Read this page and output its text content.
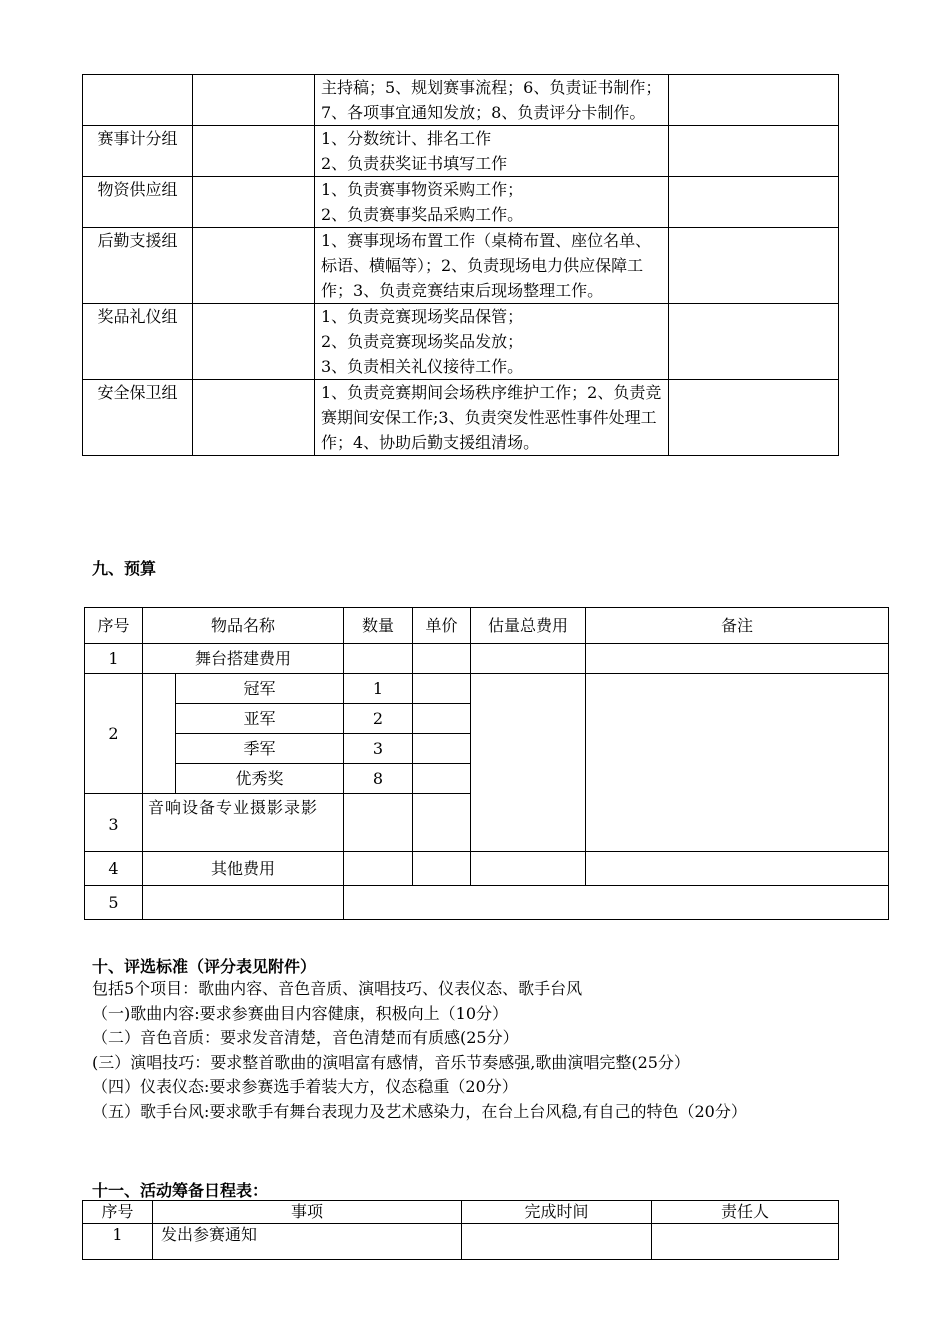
		主持稿；5、规划赛事流程；6、负责证书制作；7、各项事宜通知发放；8、负责评分卡制作。	
赛事计分组		1、分数统计、排名工作
2、负责获奖证书填写工作	

物资供应组		1、负责赛事物资采购工作；
2、负责赛事奖品采购工作。	

后勤支援组		1、赛事现场布置工作（桌椅布置、座位名单、标语、横幅等）；2、负责现场电力供应保障工作；3、负责竞赛结束后现场整理工作。	
奖品礼仪组		1、负责竞赛现场奖品保管；
2、负责竞赛现场奖品发放；
3、负责相关礼仪接待工作。	

安全保卫组		1、负责竞赛期间会场秩序维护工作；2、负责竞赛期间安保工作;3、负责突发性恶性事件处理工作；4、协助后勤支援组清场。	
九、预算
序号	物品名称		数量	单价	估量总费用	备注
1	舞台搭建费用					
2		冠军	1			
		亚军	2			
		季军	3			
		优秀奖	8			
3	音响设备专业摄影录影					
4	其他费用					
5						
十、评选标准（评分表见附件）
包括5个项目：歌曲内容、音色音质、演唱技巧、仪表仪态、歌手台风
（一)歌曲内容:要求参赛曲目内容健康，积极向上（10分）
（二）音色音质：要求发音清楚，音色清楚而有质感(25分）
(三）演唱技巧：要求整首歌曲的演唱富有感情，音乐节奏感强,歌曲演唱完整(25分）
（四）仪表仪态:要求参赛选手着装大方，仪态稳重（20分）
（五）歌手台风:要求歌手有舞台表现力及艺术感染力，在台上台风稳,有自己的特色（20分）
十一、活动筹备日程表：
序号	事项	完成时间	责任人
1	发出参赛通知		
